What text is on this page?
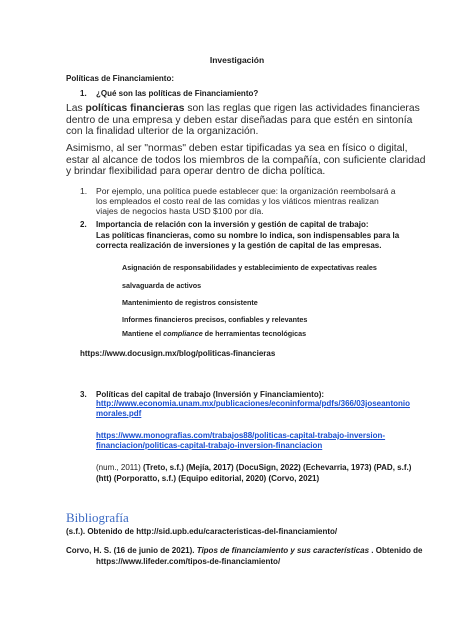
Investigación
Políticas de Financiamiento:
1. ¿Qué son las políticas de Financiamiento?
Las políticas financieras son las reglas que rigen las actividades financieras
dentro de una empresa y deben estar diseñadas para que estén en sintonía
con la finalidad ulterior de la organización.
Asimismo, al ser "normas" deben estar tipificadas ya sea en físico o digital,
estar al alcance de todos los miembros de la compañía, con suficiente claridad
y brindar flexibilidad para operar dentro de dicha política.
1. Por ejemplo, una política puede establecer que: la organización reembolsará a
los empleados el costo real de las comidas y los viáticos mientras realizan
viajes de negocios hasta USD $100 por día.
2. Importancia de relación con la inversión y gestión de capital de trabajo:
Las políticas financieras, como su nombre lo indica, son indispensables para la
correcta realización de inversiones y la gestión de capital de las empresas.
Asignación de responsabilidades y establecimiento de expectativas reales
salvaguarda de activos
Mantenimiento de registros consistente
Informes financieros precisos, confiables y relevantes
Mantiene el compliance de herramientas tecnológicas
https://www.docusign.mx/blog/politicas-financieras
3. Políticas del capital de trabajo (Inversión y Financiamiento):
http://www.economia.unam.mx/publicaciones/econinforma/pdfs/366/03joseantonio
morales.pdf
https://www.monografias.com/trabajos88/politicas-capital-trabajo-inversion-
financiacion/politicas-capital-trabajo-inversion-financiacion
(num., 2011) (Treto, s.f.) (Mejía, 2017) (DocuSign, 2022) (Echevarria, 1973) (PAD, s.f.)
(htt) (Porporatto, s.f.) (Equipo editorial, 2020) (Corvo, 2021)
Bibliografía
(s.f.). Obtenido de http://sid.upb.edu/caracteristicas-del-financiamiento/
Corvo, H. S. (16 de junio de 2021). Tipos de financiamiento y sus características . Obtenido de
https://www.lifeder.com/tipos-de-financiamiento/
